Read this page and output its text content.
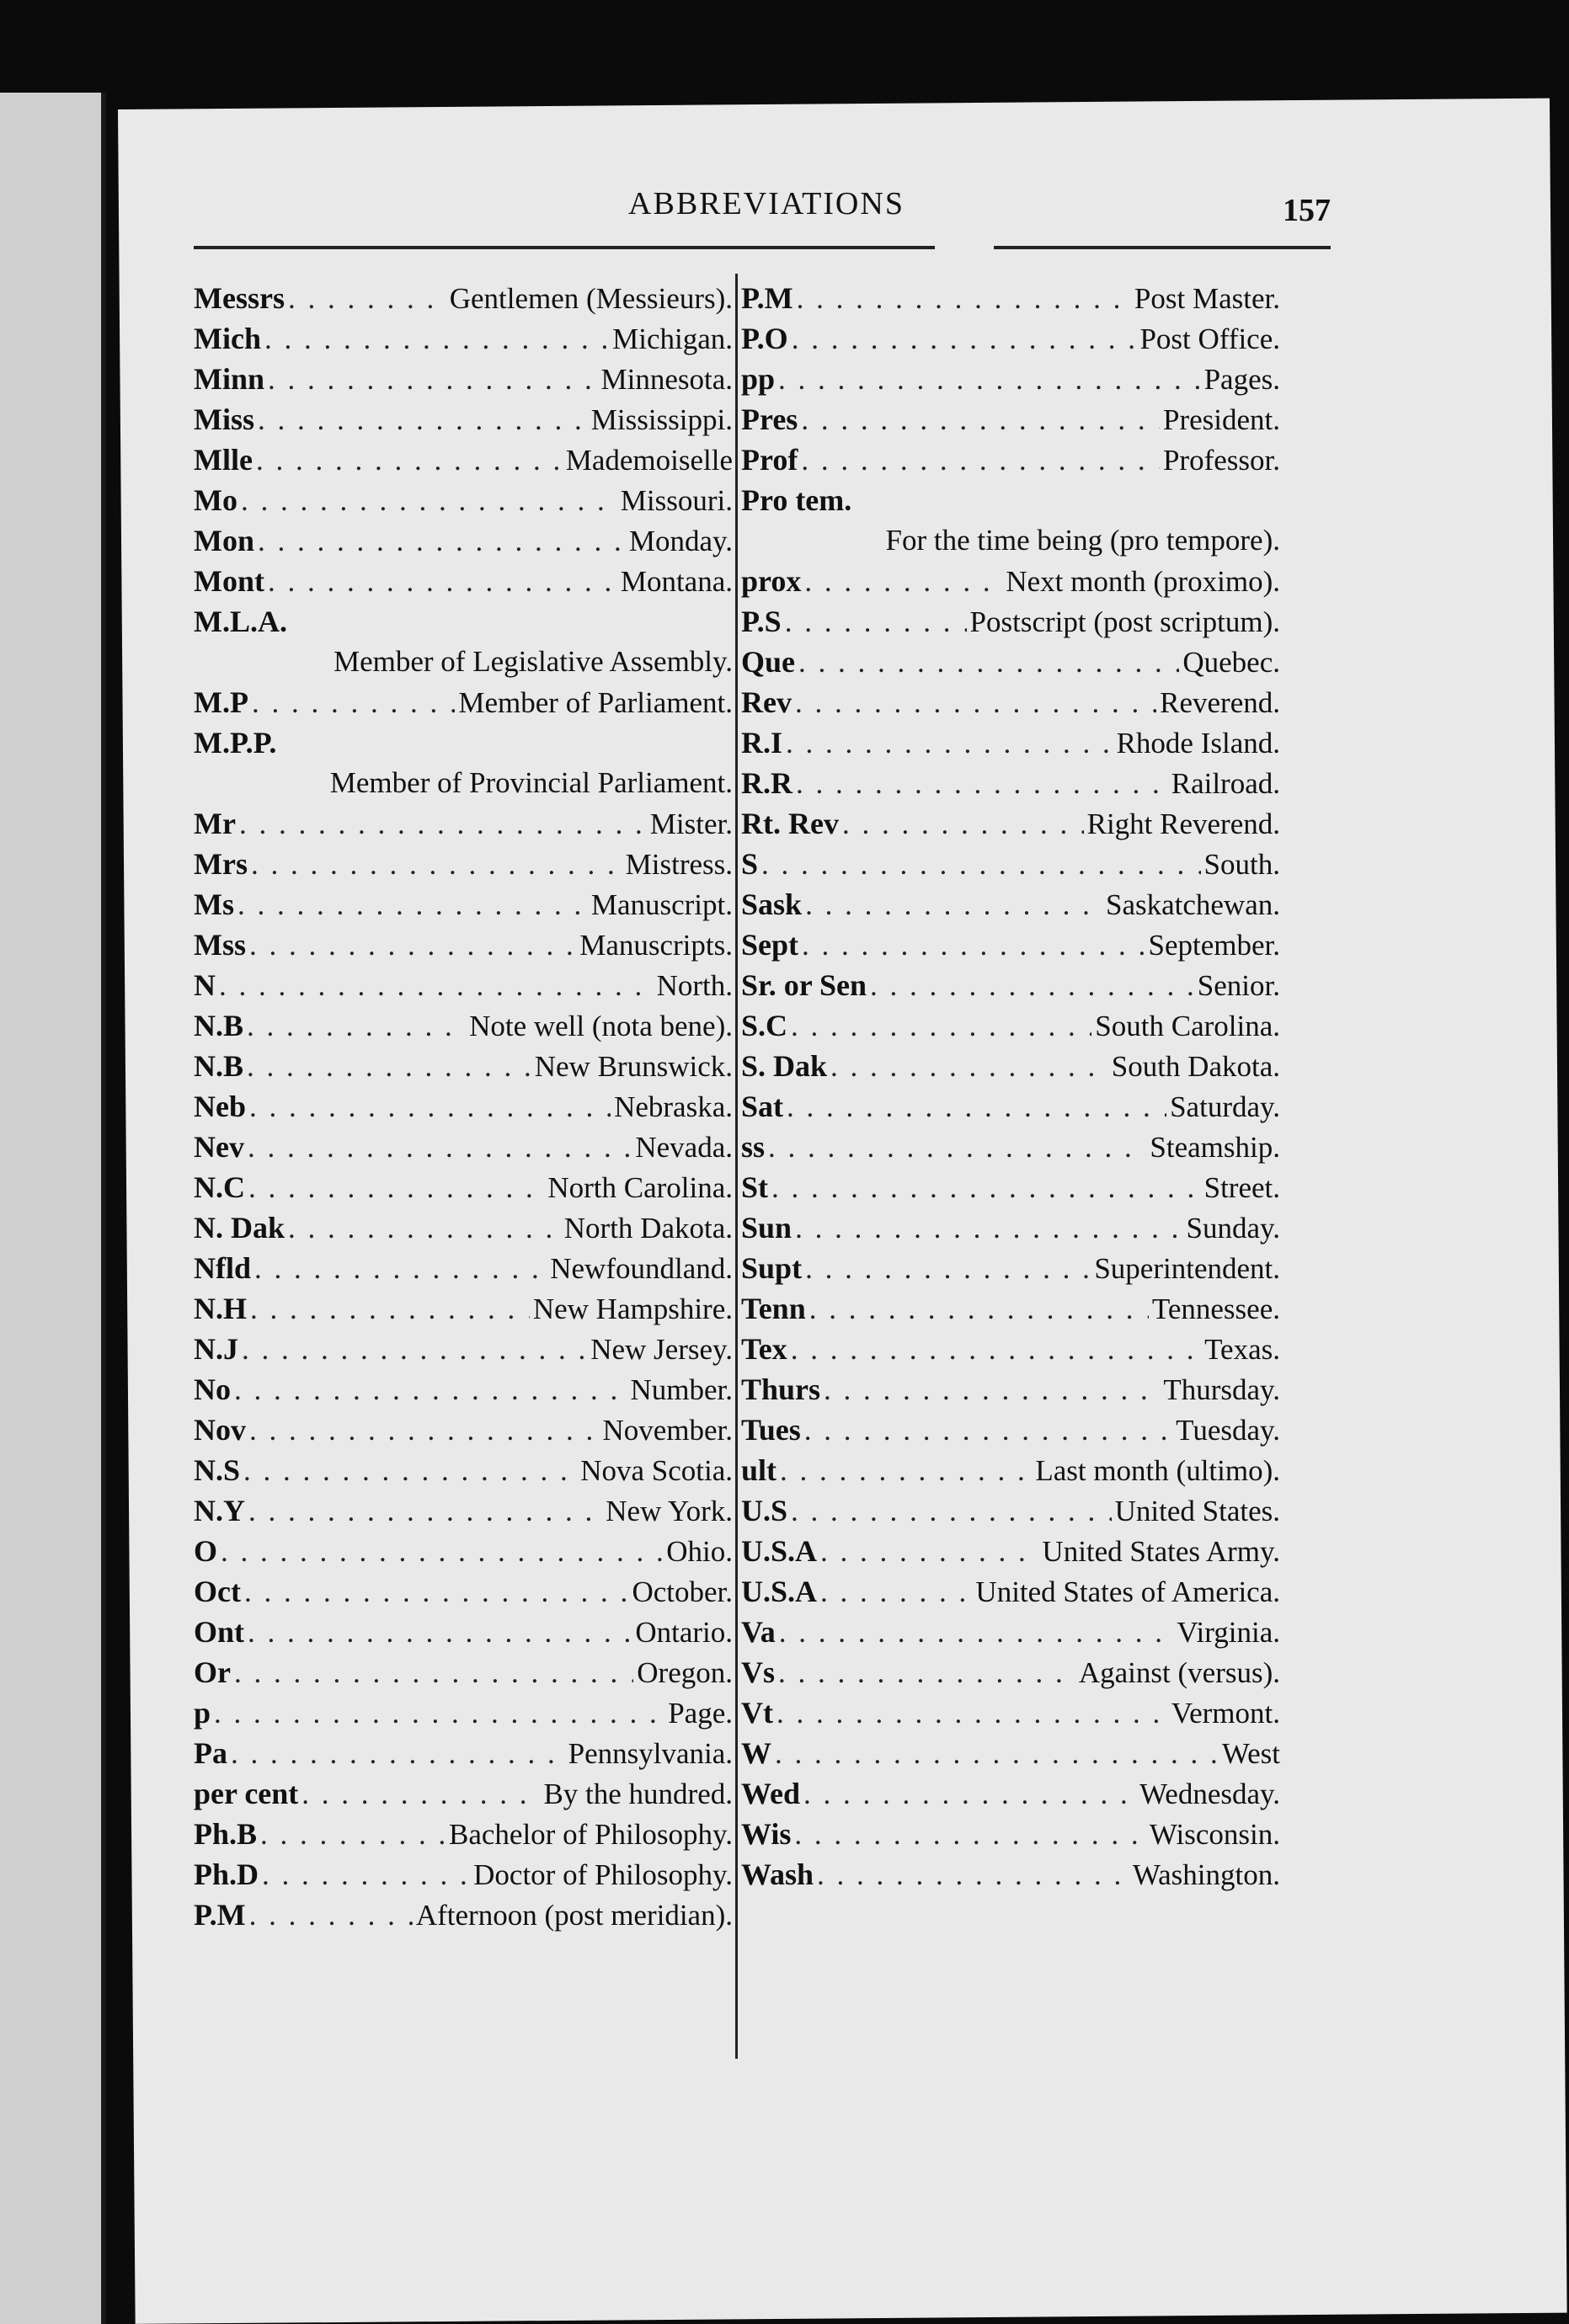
ABBREVIATIONS	157
Messrs . . .	Gentlemen (Messieurs).
Mich . . .	Michigan.
Minn . . .	Minnesota.
Miss . . .	Mississippi.
Mlle . . .	Mademoiselle
Mo . . .	Missouri.
Mon . . .	Monday.
Mont . . .	Montana.
M.L.A.
Member of Legislative Assembly.
M.P . . .	Member of Parliament.
M.P.P.
Member of Provincial Parliament.
Mr . . .	Mister.
Mrs . . .	Mistress.
Ms . . .	Manuscript.
Mss . . .	Manuscripts.
N . . .	North.
N.B . . .	Note well (nota bene).
N.B . . .	New Brunswick.
Neb . . .	Nebraska.
Nev . . .	Nevada.
N.C . . .	North Carolina.
N. Dak . . .	North Dakota.
Nfld . . .	Newfoundland.
N.H . . .	New Hampshire.
N.J . . .	New Jersey.
No . . .	Number.
Nov . . .	November.
N.S . . .	Nova Scotia.
N.Y . . .	New York.
O . . .	Ohio.
Oct . . .	October.
Ont . . .	Ontario.
Or . . .	Oregon.
p . . .	Page.
Pa . . .	Pennsylvania.
per cent . . .	By the hundred.
Ph.B . . .	Bachelor of Philosophy.
Ph.D . . .	Doctor of Philosophy.
P.M . . .	Afternoon (post meridian).
P.M . . .	Post Master.
P.O . . .	Post Office.
pp . . .	Pages.
Pres . . .	President.
Prof . . .	Professor.
Pro tem.
For the time being (pro tempore).
prox . . .	Next month (proximo).
P.S . . .	Postscript (post scriptum).
Que . . .	Quebec.
Rev . . .	Reverend.
R.I . . .	Rhode Island.
R.R . . .	Railroad.
Rt. Rev . . .	Right Reverend.
S . . .	South.
Sask . . .	Saskatchewan.
Sept . . .	September.
Sr. or Sen . . .	Senior.
S.C . . .	South Carolina.
S. Dak . . .	South Dakota.
Sat . . .	Saturday.
ss . . .	Steamship.
St . . .	Street.
Sun . . .	Sunday.
Supt . . .	Superintendent.
Tenn . . .	Tennessee.
Tex . . .	Texas.
Thurs . . .	Thursday.
Tues . . .	Tuesday.
ult . . .	Last month (ultimo).
U.S . . .	United States.
U.S.A . . .	United States Army.
U.S.A . . .	United States of America.
Va . . .	Virginia.
Vs . . .	Against (versus).
Vt . . .	Vermont.
W . . .	West
Wed . . .	Wednesday.
Wis . . .	Wisconsin.
Wash . . .	Washington.
